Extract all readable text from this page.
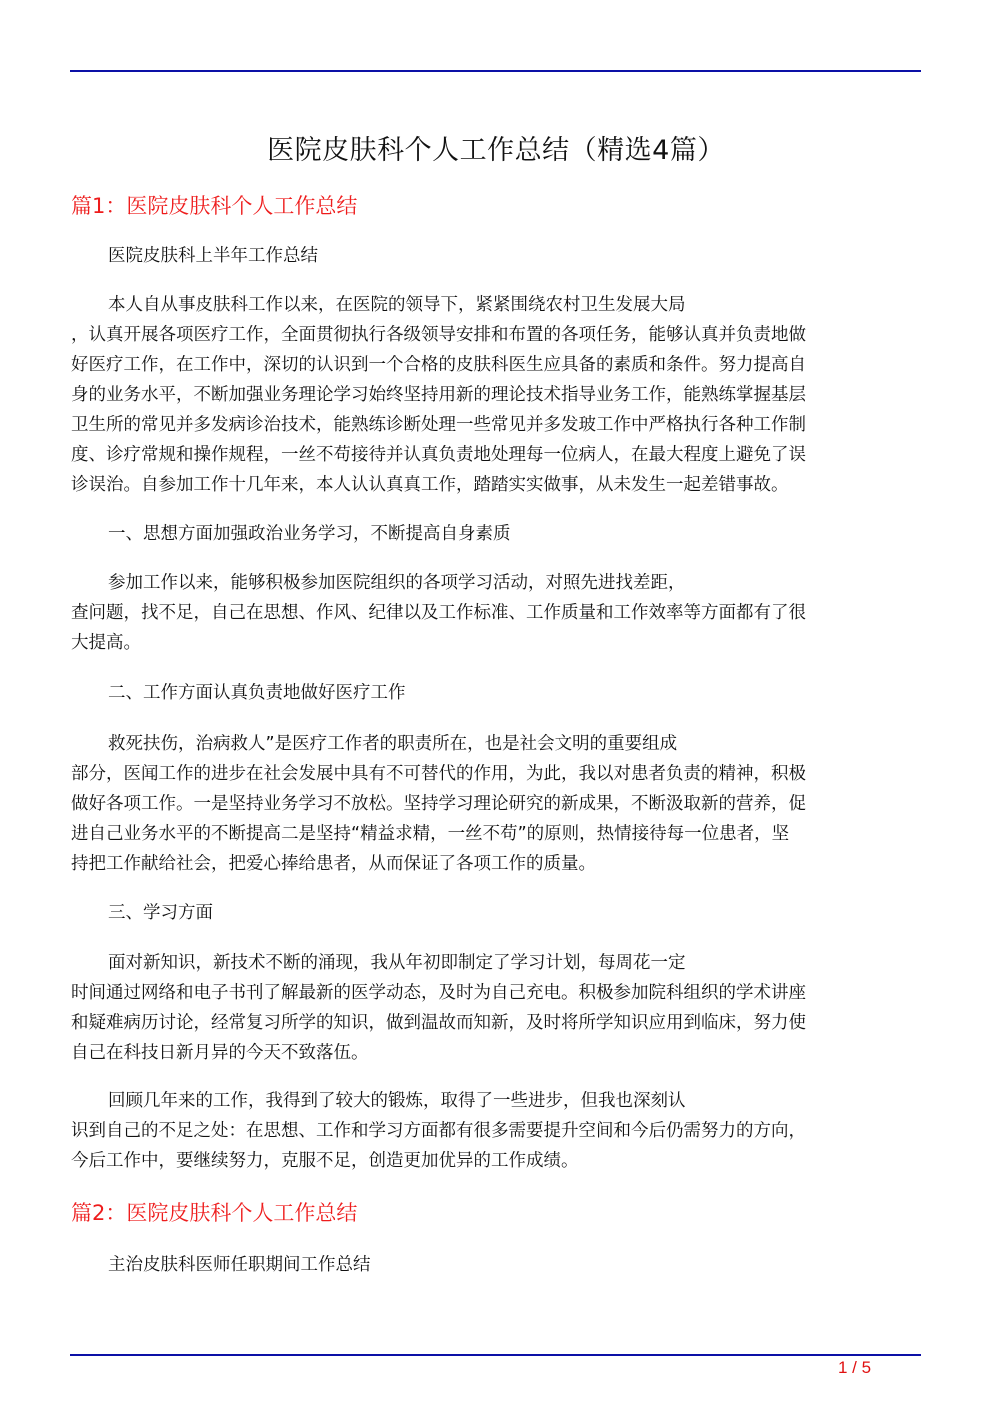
医院皮肤科个人工作总结（精选4篇）
篇1：医院皮肤科个人工作总结
医院皮肤科上半年工作总结
本人自从事皮肤科工作以来，在医院的领导下，紧紧围绕农村卫生发展大局
，认真开展各项医疗工作，全面贯彻执行各级领导安排和布置的各项任务，能够认真并负责地做
好医疗工作，在工作中，深切的认识到一个合格的皮肤科医生应具备的素质和条件。努力提高自
身的业务水平，不断加强业务理论学习始终坚持用新的理论技术指导业务工作，能熟练掌握基层
卫生所的常见并多发病诊治技术，能熟练诊断处理一些常见并多发玻工作中严格执行各种工作制
度、诊疗常规和操作规程，一丝不苟接待并认真负责地处理每一位病人，在最大程度上避免了误
诊误治。自参加工作十几年来，本人认认真真工作，踏踏实实做事，从未发生一起差错事故。
一、思想方面加强政治业务学习，不断提高自身素质
参加工作以来，能够积极参加医院组织的各项学习活动，对照先进找差距，
查问题，找不足，自己在思想、作风、纪律以及工作标准、工作质量和工作效率等方面都有了很
大提高。
二、工作方面认真负责地做好医疗工作
救死扶伤，治病救人”是医疗工作者的职责所在，也是社会文明的重要组成
部分，医闻工作的进步在社会发展中具有不可替代的作用，为此，我以对患者负责的精神，积极
做好各项工作。一是坚持业务学习不放松。坚持学习理论研究的新成果，不断汲取新的营养，促
进自己业务水平的不断提高二是坚持“精益求精，一丝不苟”的原则，热情接待每一位患者，坚
持把工作献给社会，把爱心捧给患者，从而保证了各项工作的质量。
三、学习方面
面对新知识，新技术不断的涌现，我从年初即制定了学习计划，每周花一定
时间通过网络和电子书刊了解最新的医学动态，及时为自己充电。积极参加院科组织的学术讲座
和疑难病历讨论，经常复习所学的知识，做到温故而知新，及时将所学知识应用到临床，努力使
自己在科技日新月异的今天不致落伍。
回顾几年来的工作，我得到了较大的锻炼，取得了一些进步，但我也深刻认
识到自己的不足之处：在思想、工作和学习方面都有很多需要提升空间和今后仍需努力的方向，
今后工作中，要继续努力，克服不足，创造更加优异的工作成绩。
篇2：医院皮肤科个人工作总结
主治皮肤科医师任职期间工作总结
1 / 5
